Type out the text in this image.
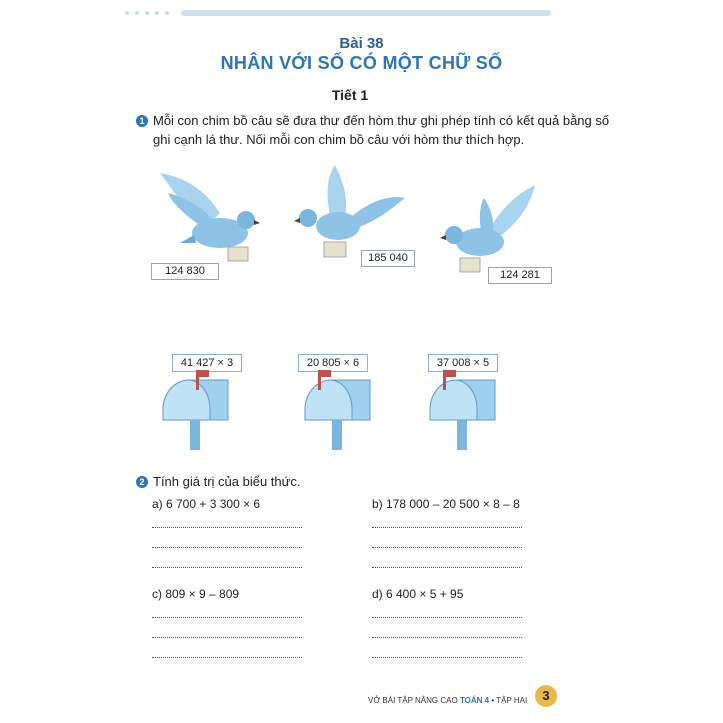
Bài 38
NHÂN VỚI SỐ CÓ MỘT CHỮ SỐ
Tiết 1
1 Mỗi con chim bồ câu sẽ đưa thư đến hòm thư ghi phép tính có kết quả bằng số
ghi cạnh lá thư. Nối mỗi con chim bồ câu với hòm thư thích hợp.
124 830
185 040
124 281
41 427 × 3	20 805 × 6	37 008 × 5
2 Tính giá trị của biểu thức.
a) 6 700 + 3 300 × 6	b) 178 000 – 20 500 × 8 – 8
c) 809 × 9 – 809	d) 6 400 × 5 + 95
VỞ BÀI TẬP NÂNG CAO TOÁN 4 • TẬP HAI	3
